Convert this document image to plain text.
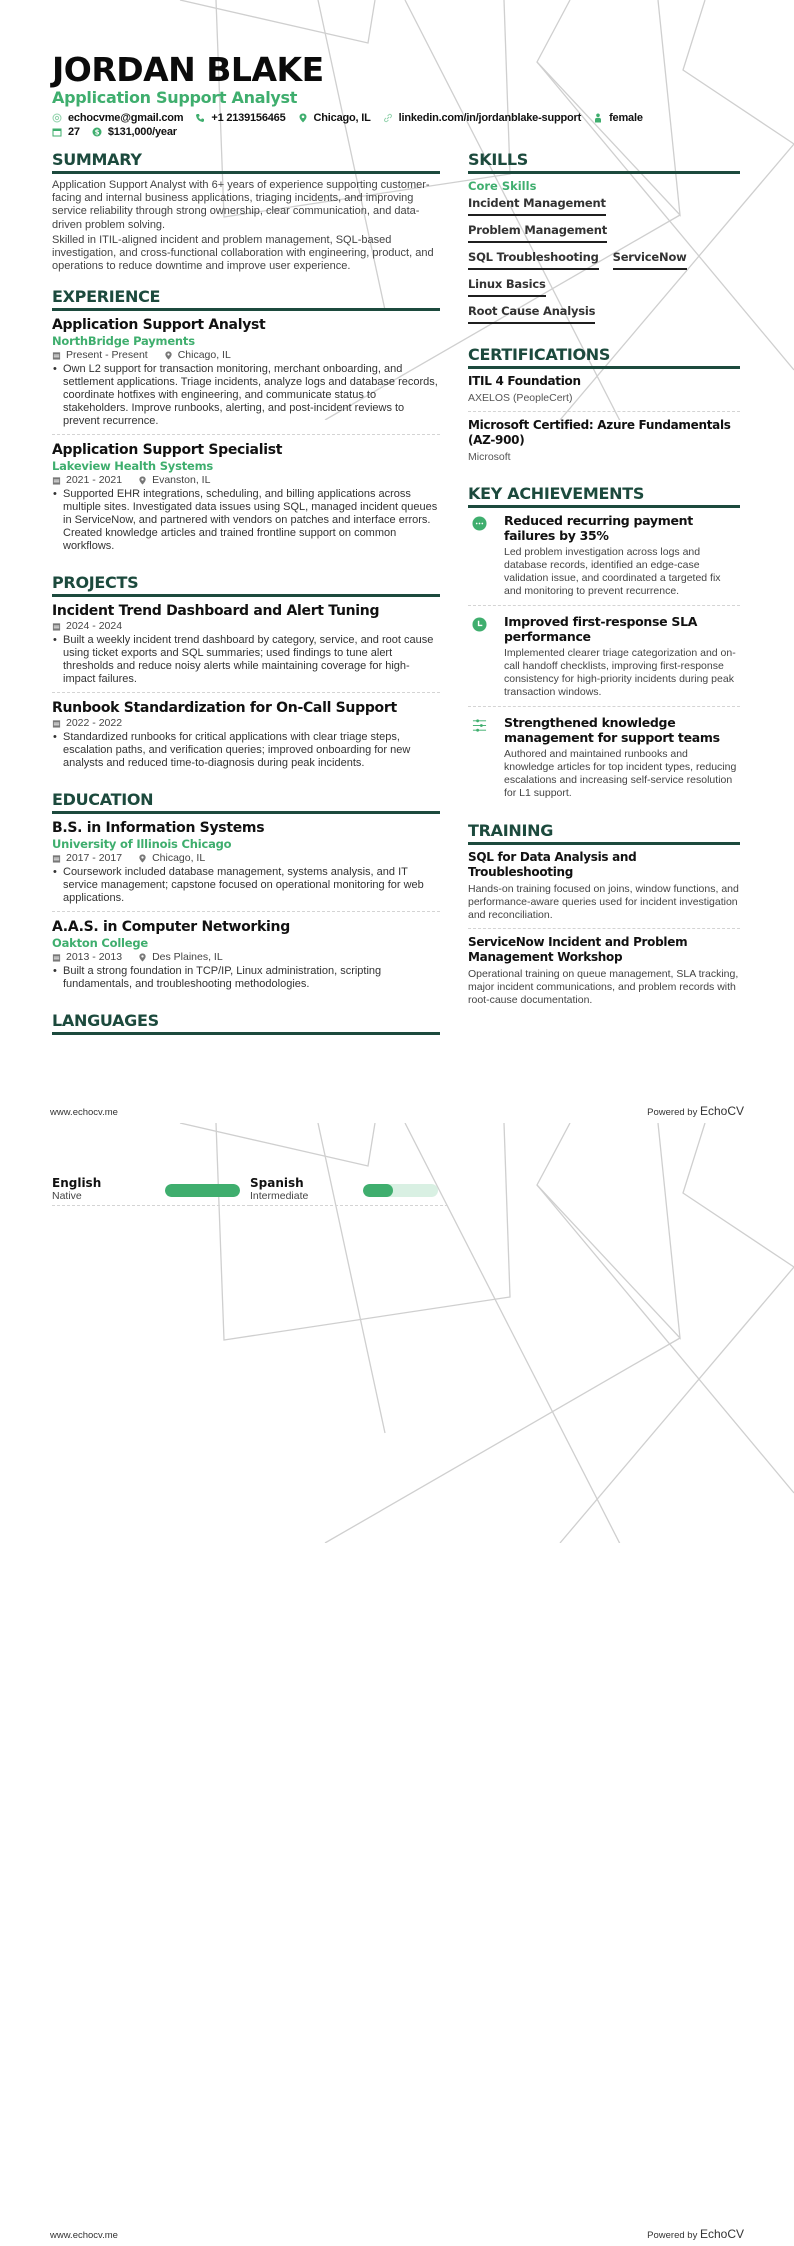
JORDAN BLAKE
Application Support Analyst
echocvme@gmail.com	+1 2139156465	Chicago, IL	linkedin.com/in/jordanblake-support	female
27 $ $131,000/year
SUMMARY

Application Support Analyst with 6+ years of experience supporting customer-facing and internal business applications, triaging incidents, and improving service reliability through strong ownership, clear communication, and data-driven problem solving.

Skilled in ITIL-aligned incident and problem management, SQL-based investigation, and cross-functional collaboration with engineering, product, and operations to reduce downtime and improve user experience.

EXPERIENCE
Application Support Analyst
NorthBridge Payments
Present - Present	Chicago, IL
• Own L2 support for transaction monitoring, merchant onboarding, and settlement applications. Triage incidents, analyze logs and database records, coordinate hotfixes with engineering, and communicate status to stakeholders. Improve runbooks, alerting, and post-incident reviews to prevent recurrence.
Application Support Specialist
Lakeview Health Systems
2021 - 2021	Evanston, IL
• Supported EHR integrations, scheduling, and billing applications across multiple sites. Investigated data issues using SQL, managed incident queues in ServiceNow, and partnered with vendors on patches and interface errors. Created knowledge articles and trained frontline support on common workflows.
PROJECTS
Incident Trend Dashboard and Alert Tuning
2024 - 2024
• Built a weekly incident trend dashboard by category, service, and root cause using ticket exports and SQL summaries; used findings to tune alert thresholds and reduce noisy alerts while maintaining coverage for high-impact failures.
Runbook Standardization for On-Call Support
2022 - 2022
• Standardized runbooks for critical applications with clear triage steps, escalation paths, and verification queries; improved onboarding for new analysts and reduced time-to-diagnosis during peak incidents.
EDUCATION
B.S. in Information Systems
University of Illinois Chicago
2017 - 2017	Chicago, IL
• Coursework included database management, systems analysis, and IT service management; capstone focused on operational monitoring for web applications.
A.A.S. in Computer Networking
Oakton College
2013 - 2013	Des Plaines, IL
• Built a strong foundation in TCP/IP, Linux administration, scripting fundamentals, and troubleshooting methodologies.
LANGUAGES
SKILLS
Core Skills
Incident Management
Problem Management
SQL Troubleshooting ServiceNow
Linux Basics
Root Cause Analysis
CERTIFICATIONS
ITIL 4 Foundation
AXELOS (PeopleCert)
Microsoft Certified: Azure Fundamentals (AZ-900)
Microsoft
KEY ACHIEVEMENTS
Reduced recurring payment failures by 35%
Led problem investigation across logs and database records, identified an edge-case validation issue, and coordinated a targeted fix and monitoring to prevent recurrence.
Improved first-response SLA performance
Implemented clearer triage categorization and on-call handoff checklists, improving first-response consistency for high-priority incidents during peak transaction windows.
Strengthened knowledge management for support teams
Authored and maintained runbooks and knowledge articles for top incident types, reducing escalations and increasing self-service resolution for L1 support.
TRAINING
SQL for Data Analysis and Troubleshooting
Hands-on training focused on joins, window functions, and performance-aware queries used for incident investigation and reconciliation.
ServiceNow Incident and Problem Management Workshop
Operational training on queue management, SLA tracking, major incident communications, and problem records with root-cause documentation.
www.echocv.me	Powered by EchoCV
www.echocv.me	Powered by EchoCV
English
Native
Spanish
Intermediate
